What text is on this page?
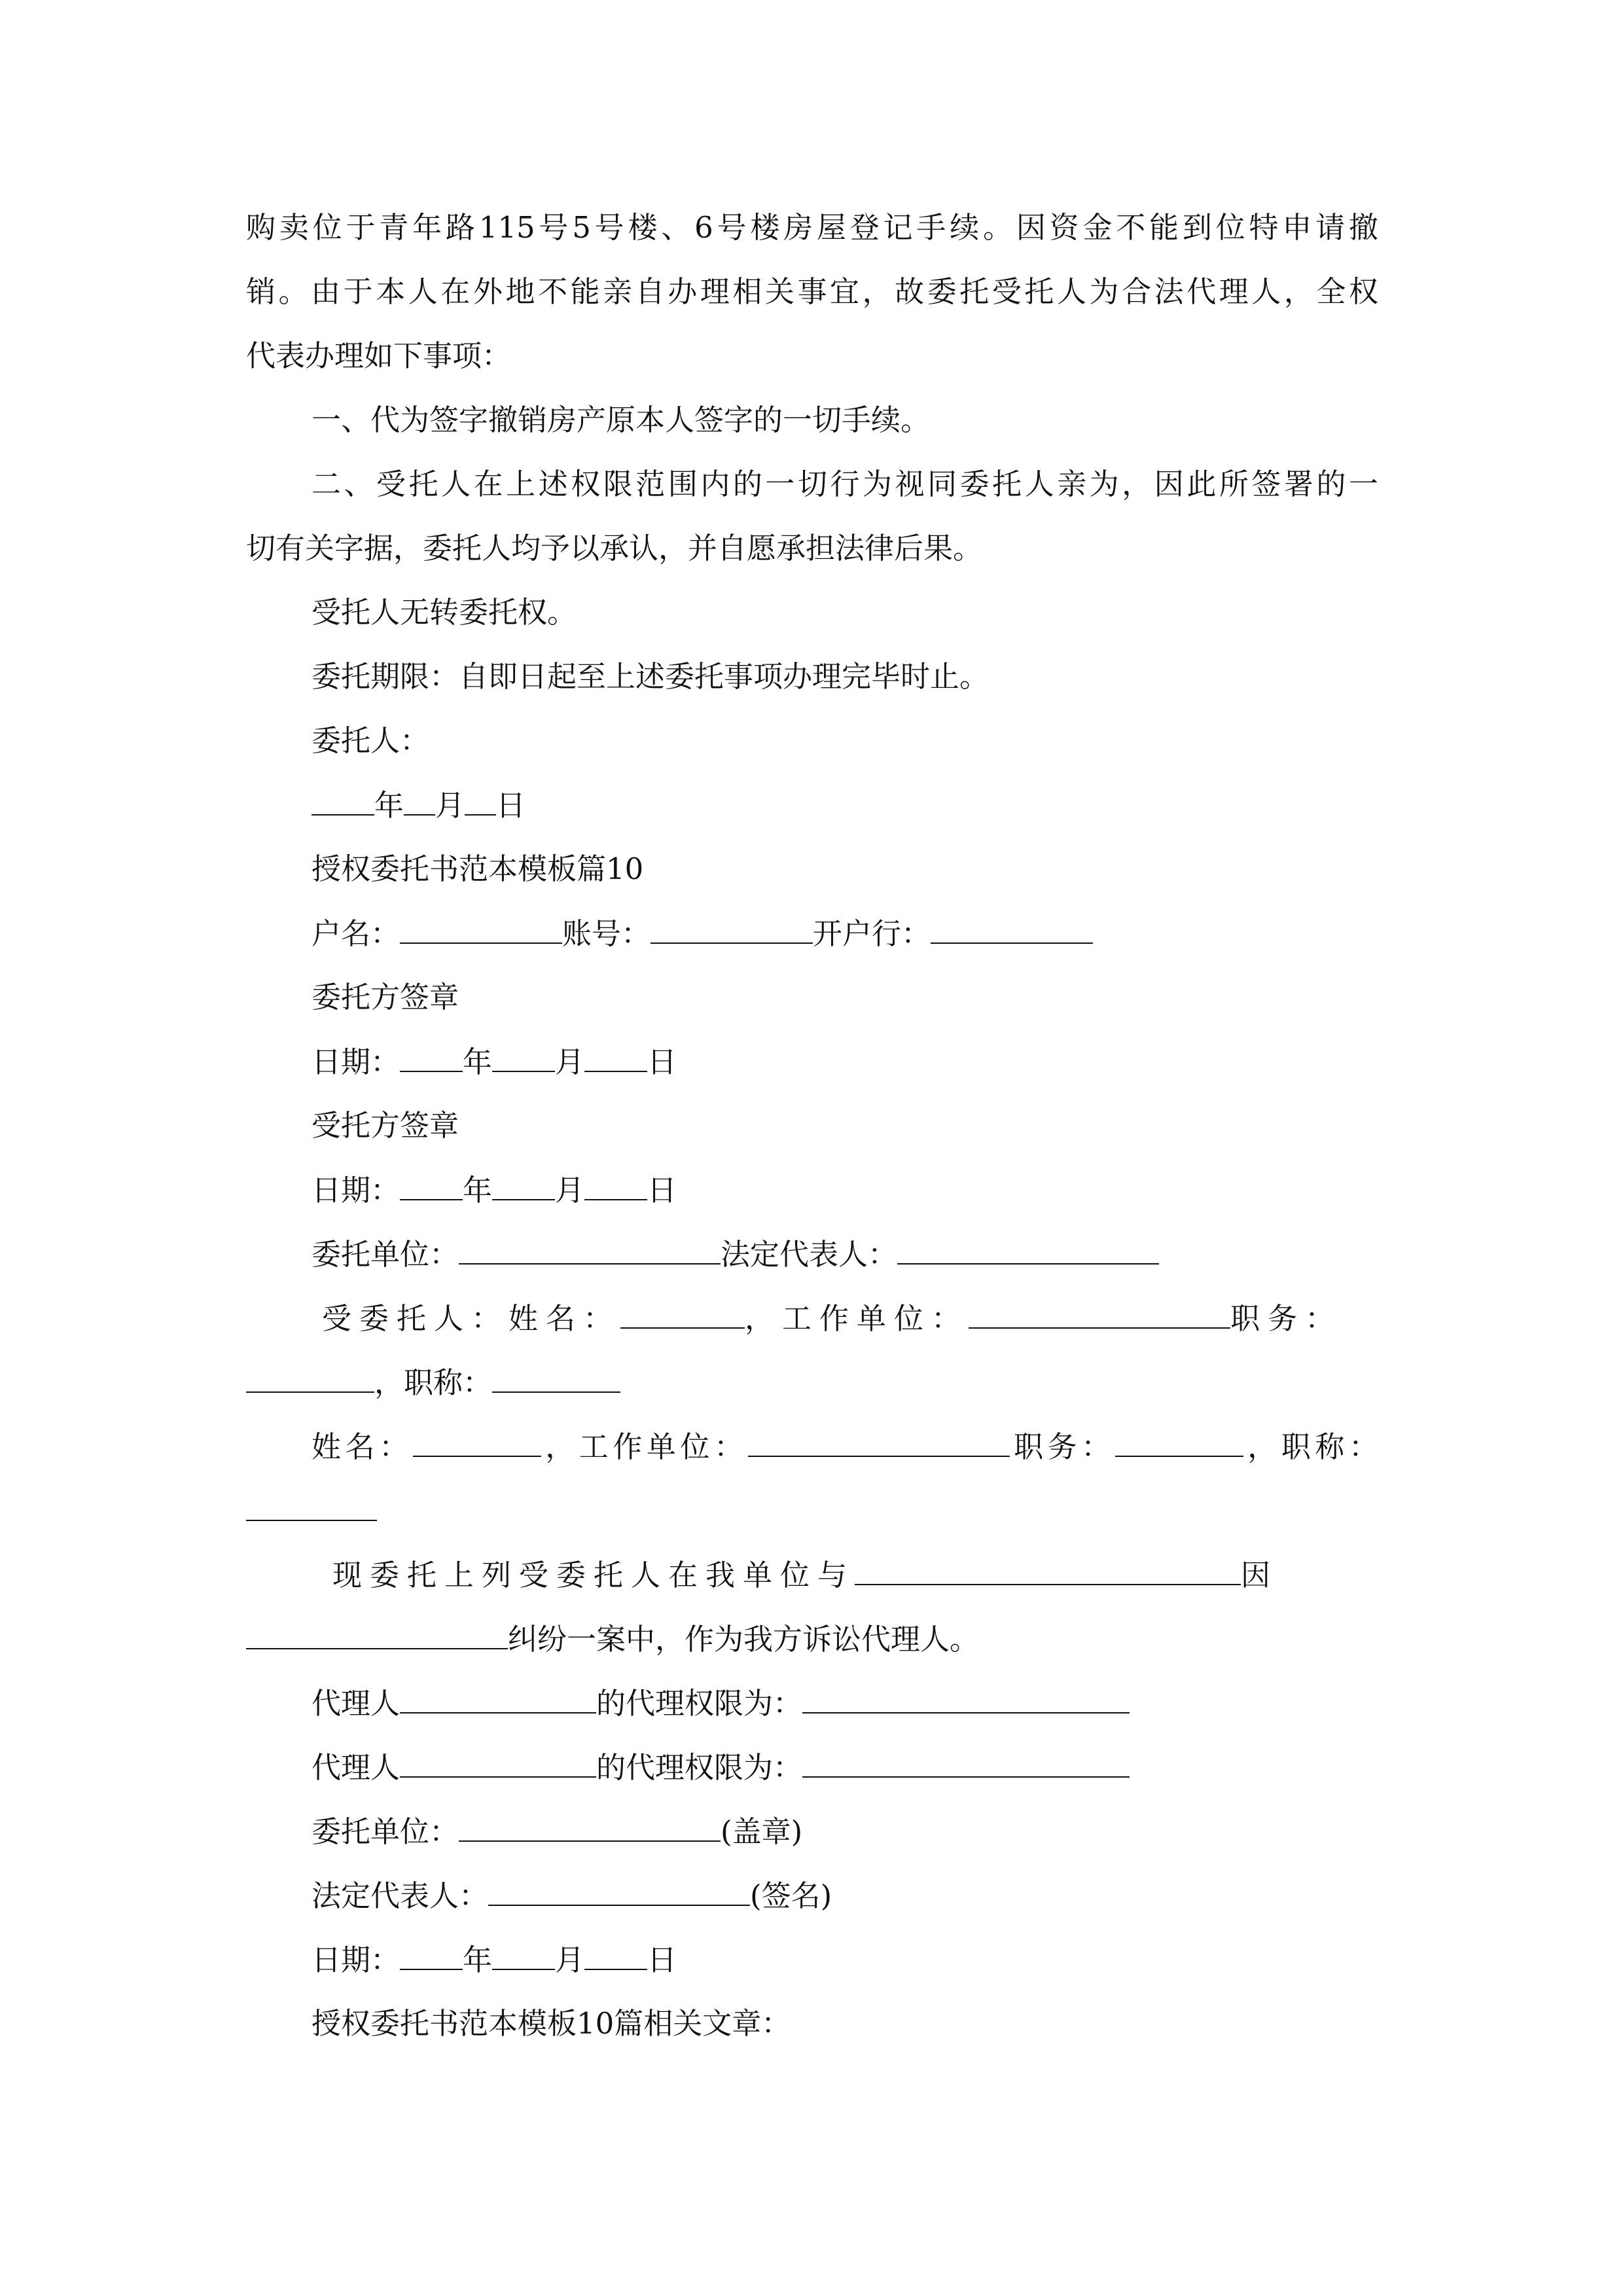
购卖位于青年路115号5号楼、6号楼房屋登记手续。因资金不能到位特申请撤
销。由于本人在外地不能亲自办理相关事宜，故委托受托人为合法代理人，全权
代表办理如下事项：
一、代为签字撤销房产原本人签字的一切手续。
二、受托人在上述权限范围内的一切行为视同委托人亲为，因此所签署的一
切有关字据，委托人均予以承认，并自愿承担法律后果。
受托人无转委托权。
委托期限：自即日起至上述委托事项办理完毕时止。
委托人：
年 月 日
授权委托书范本模板篇10
户名：	账号：	开户行：
委托方签章
日期： 年 月 日
受托方签章
日期： 年 月 日
委托单位：	法定代表人：
受委托人：姓名：	，工作单位：	职务：
，职称：
姓名：	，工作单位：	职务：	，职称：
现委托上列受委托人在我单位与	因
纠纷一案中，作为我方诉讼代理人。
代理人	的代理权限为：
代理人	的代理权限为：
委托单位：	(盖章)
法定代表人：	(签名)
日期： 年 月 日
授权委托书范本模板10篇相关文章：
